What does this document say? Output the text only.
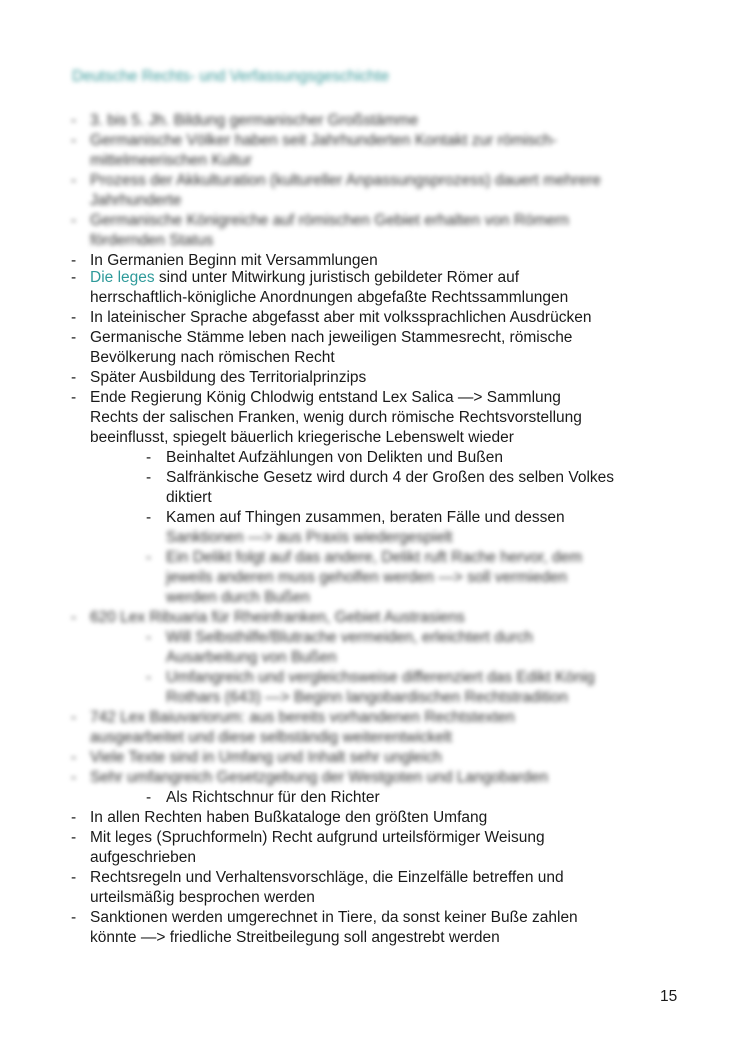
Deutsche Rechts- und Verfassungsgeschichte
- 3. bis 5. Jh. Bildung germanischer Großstämme
- Germanische Völker haben seit Jahrhunderten Kontakt zur römisch-
mittelmeerischen Kultur
- Prozess der Akkulturation (kultureller Anpassungsprozess) dauert mehrere
Jahrhunderte
- Germanische Königreiche auf römischen Gebiet erhalten von Römern
fördernden Status
- In Germanien Beginn mit Versammlungen
- Die leges sind unter Mitwirkung juristisch gebildeter Römer auf
herrschaftlich-königliche Anordnungen abgefaßte Rechtssammlungen
- In lateinischer Sprache abgefasst aber mit volkssprachlichen Ausdrücken
- Germanische Stämme leben nach jeweiligen Stammesrecht, römische
Bevölkerung nach römischen Recht
- Später Ausbildung des Territorialprinzips
- Ende Regierung König Chlodwig entstand Lex Salica —> Sammlung
Rechts der salischen Franken, wenig durch römische Rechtsvorstellung
beeinflusst, spiegelt bäuerlich kriegerische Lebenswelt wieder
- Beinhaltet Aufzählungen von Delikten und Bußen
- Salfränkische Gesetz wird durch 4 der Großen des selben Volkes
diktiert
- Kamen auf Thingen zusammen, beraten Fälle und dessen
Sanktionen —> aus Praxis wiedergespielt
- Ein Delikt folgt auf das andere, Delikt ruft Rache hervor, dem
jeweils anderen muss geholfen werden —> soll vermieden
werden durch Bußen
- 620 Lex Ribuaria für Rheinfranken, Gebiet Austrasiens
- Will Selbsthilfe/Blutrache vermeiden, erleichtert durch
Ausarbeitung von Bußen
- Umfangreich und vergleichsweise differenziert das Edikt König
Rothars (643) —> Beginn langobardischen Rechtstradition
- 742 Lex Baiuvariorum: aus bereits vorhandenen Rechtstexten
ausgearbeitet und diese selbständig weiterentwickelt
- Viele Texte sind in Umfang und Inhalt sehr ungleich
- Sehr umfangreich Gesetzgebung der Westgoten und Langobarden
- Als Richtschnur für den Richter
- In allen Rechten haben Bußkataloge den größten Umfang
- Mit leges (Spruchformeln) Recht aufgrund urteilsförmiger Weisung
aufgeschrieben
- Rechtsregeln und Verhaltensvorschläge, die Einzelfälle betreffen und
urteilsmäßig besprochen werden
- Sanktionen werden umgerechnet in Tiere, da sonst keiner Buße zahlen
könnte —> friedliche Streitbeilegung soll angestrebt werden
15
